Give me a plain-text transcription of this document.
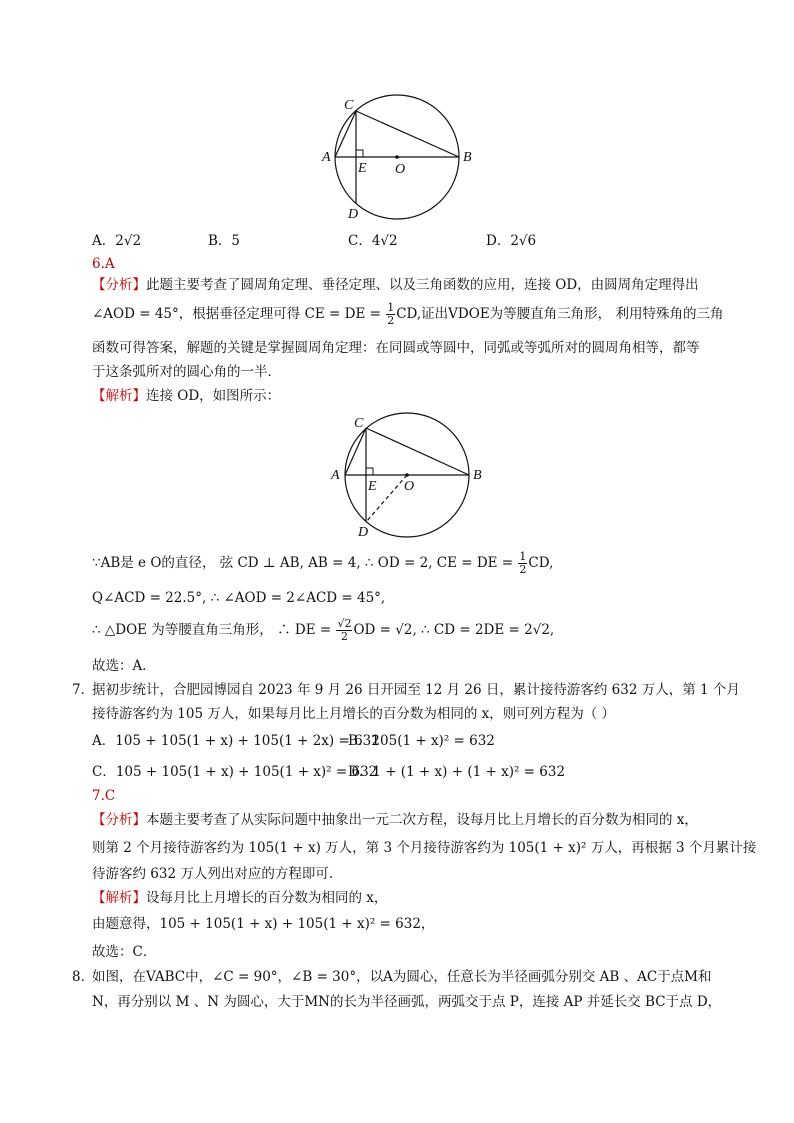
C
A	B
E O
D
A．2√2	B．5	C．4√2	D．2√6
6.A
【分析】此题主要考查了圆周角定理、垂径定理、以及三角函数的应用，连接 OD，由圆周角定理得出
∠AOD = 45°，根据垂径定理可得 CE = DE = $\frac{1}{2}$ CD,证出VDOE为等腰直角三角形， 利用特殊角的三角
函数可得答案，解题的关键是掌握圆周角定理：在同圆或等圆中，同弧或等弧所对的圆周角相等，都等
于这条弧所对的圆心角的一半．
【解析】连接 OD，如图所示：
C
A	B
E O
D
∵AB是 e O的直径， 弦 CD ⊥ AB, AB = 4, ∴ OD = 2, CE = DE = $\frac{1}{2}$ CD,
Q∠ACD = 22.5°, ∴ ∠AOD = 2∠ACD = 45°,
∴ △DOE 为等腰直角三角形， ∴ DE = $\frac{√2}{2}$ OD = √2, ∴ CD = 2DE = 2√2,
故选：A．
7．
据初步统计，合肥园博园自 2023 年 9 月 26 日开园至 12 月 26 日，累计接待游客约 632 万人，第 1 个月
接待游客约为 105 万人，如果每月比上月增长的百分数为相同的 x，则可列方程为（ ）
A．105 + 105(1 + x) + 105(1 + 2x) = 632
B．105(1 + x)² = 632
C．105 + 105(1 + x) + 105(1 + x)² = 632
D．1 + (1 + x) + (1 + x)² = 632
7.C
【分析】本题主要考查了从实际问题中抽象出一元二次方程，设每月比上月增长的百分数为相同的 x，
则第 2 个月接待游客约为 105(1 + x) 万人，第 3 个月接待游客约为 105(1 + x)² 万人，再根据 3 个月累计接
待游客约 632 万人列出对应的方程即可．
【解析】设每月比上月增长的百分数为相同的 x，
由题意得，105 + 105(1 + x) + 105(1 + x)² = 632，
故选：C．
8．
如图，在VABC中，∠C = 90°，∠B = 30°，以A为圆心，任意长为半径画弧分别交 AB 、AC于点M和
N，再分别以 M 、N 为圆心，大于MN的长为半径画弧，两弧交于点 P，连接 AP 并延长交 BC于点 D，
